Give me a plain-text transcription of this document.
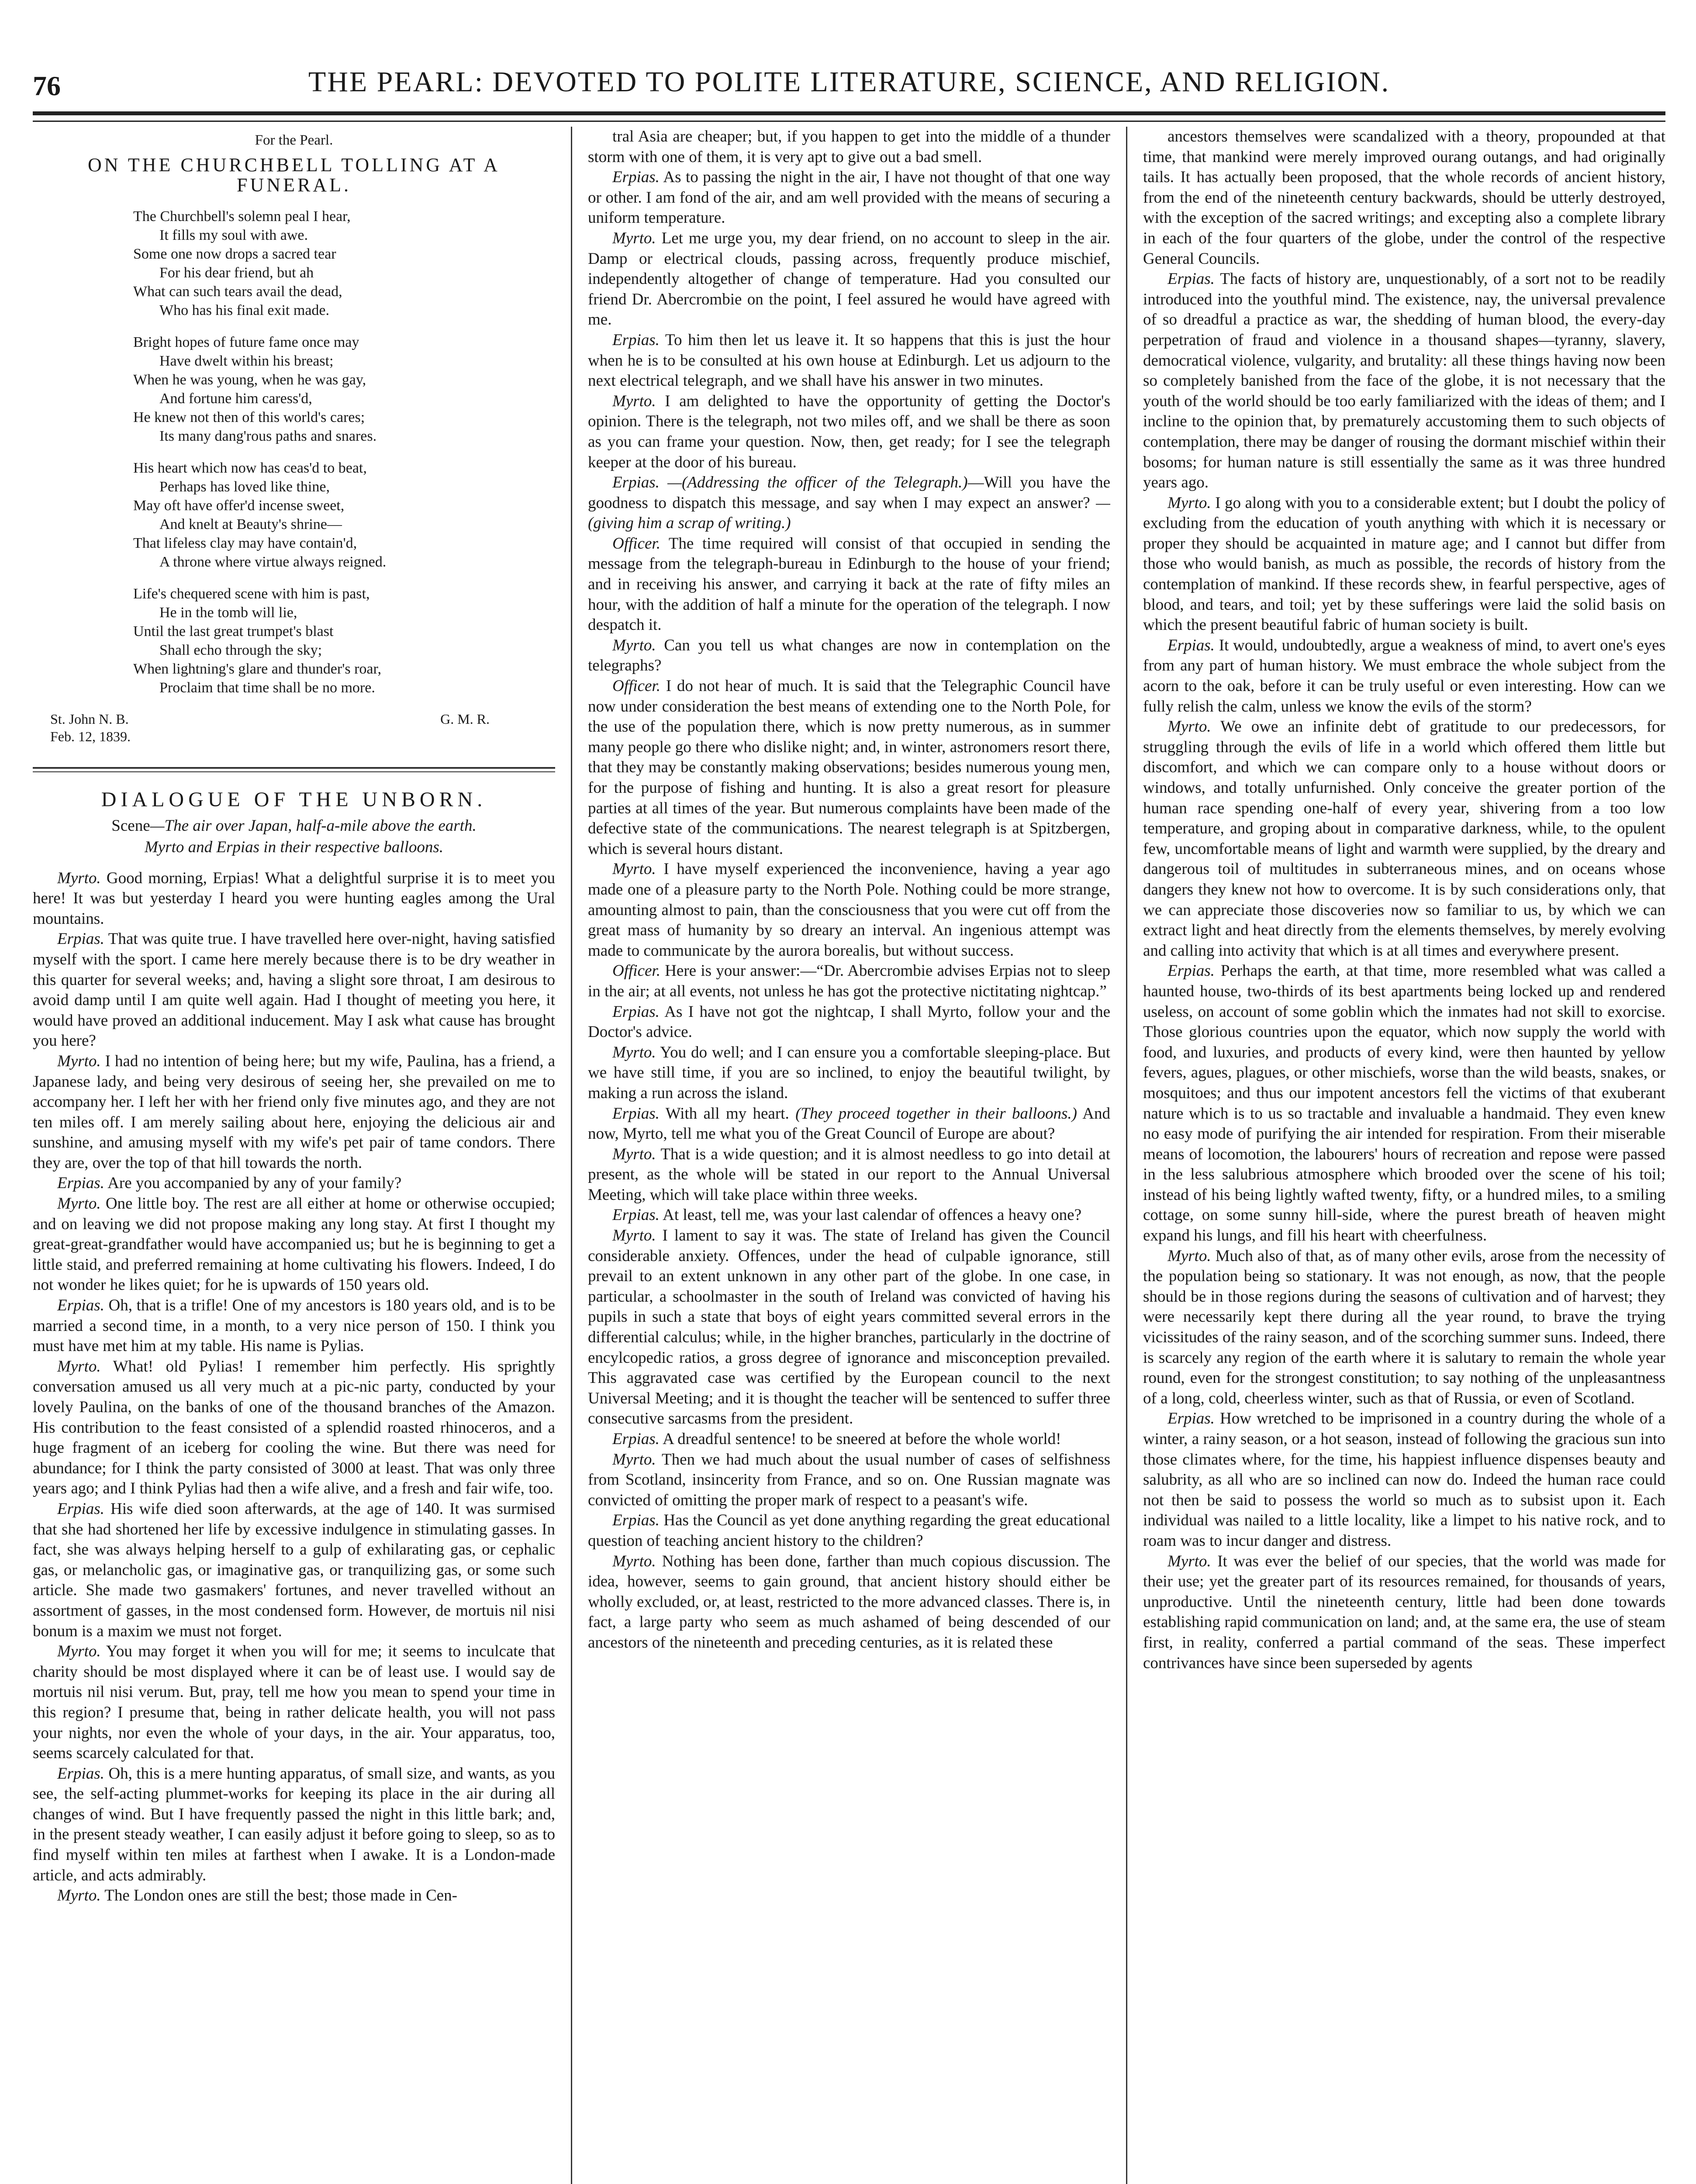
76	THE PEARL: DEVOTED TO POLITE LITERATURE, SCIENCE, AND RELIGION.
For the Pearl.
ON THE CHURCHBELL TOLLING AT A FUNERAL.
The Churchbell's solemn peal I hear,
It fills my soul with awe.
Some one now drops a sacred tear
For his dear friend, but ah
What can such tears avail the dead,
Who has his final exit made.
Bright hopes of future fame once may
Have dwelt within his breast;
When he was young, when he was gay,
And fortune him caress'd,
He knew not then of this world's cares;
Its many dang'rous paths and snares.
His heart which now has ceas'd to beat,
Perhaps has loved like thine,
May oft have offer'd incense sweet,
And knelt at Beauty's shrine—
That lifeless clay may have contain'd,
A throne where virtue always reigned.
Life's chequered scene with him is past,
He in the tomb will lie,
Until the last great trumpet's blast
Shall echo through the sky;
When lightning's glare and thunder's roar,
Proclaim that time shall be no more.
St. John N. B.
Feb. 12, 1839.
G. M. R.
DIALOGUE OF THE UNBORN.

Scene—The air over Japan, half-a-mile above the earth.

Myrto and Erpias in their respective balloons.

Myrto. Good morning, Erpias! What a delightful surprise it is to meet you here! It was but yesterday I heard you were hunting eagles among the Ural mountains.

Erpias. That was quite true. I have travelled here over-night, having satisfied myself with the sport. I came here merely because there is to be dry weather in this quarter for several weeks; and, having a slight sore throat, I am desirous to avoid damp until I am quite well again. Had I thought of meeting you here, it would have proved an additional inducement. May I ask what cause has brought you here?

Myrto. I had no intention of being here; but my wife, Paulina, has a friend, a Japanese lady, and being very desirous of seeing her, she prevailed on me to accompany her. I left her with her friend only five minutes ago, and they are not ten miles off. I am merely sailing about here, enjoying the delicious air and sunshine, and amusing myself with my wife's pet pair of tame condors. There they are, over the top of that hill towards the north.

Erpias. Are you accompanied by any of your family?

Myrto. One little boy. The rest are all either at home or otherwise occupied; and on leaving we did not propose making any long stay. At first I thought my great-great-grandfather would have accompanied us; but he is beginning to get a little staid, and preferred remaining at home cultivating his flowers. Indeed, I do not wonder he likes quiet; for he is upwards of 150 years old.

Erpias. Oh, that is a trifle! One of my ancestors is 180 years old, and is to be married a second time, in a month, to a very nice person of 150. I think you must have met him at my table. His name is Pylias.

Myrto. What! old Pylias! I remember him perfectly. His sprightly conversation amused us all very much at a pic-nic party, conducted by your lovely Paulina, on the banks of one of the thousand branches of the Amazon. His contribution to the feast consisted of a splendid roasted rhinoceros, and a huge fragment of an iceberg for cooling the wine. But there was need for abundance; for I think the party consisted of 3000 at least. That was only three years ago; and I think Pylias had then a wife alive, and a fresh and fair wife, too.

Erpias. His wife died soon afterwards, at the age of 140. It was surmised that she had shortened her life by excessive indulgence in stimulating gasses. In fact, she was always helping herself to a gulp of exhilarating gas, or cephalic gas, or melancholic gas, or imaginative gas, or tranquilizing gas, or some such article. She made two gasmakers' fortunes, and never travelled without an assortment of gasses, in the most condensed form. However, de mortuis nil nisi bonum is a maxim we must not forget.

Myrto. You may forget it when you will for me; it seems to inculcate that charity should be most displayed where it can be of least use. I would say de mortuis nil nisi verum. But, pray, tell me how you mean to spend your time in this region? I presume that, being in rather delicate health, you will not pass your nights, nor even the whole of your days, in the air. Your apparatus, too, seems scarcely calculated for that.

Erpias. Oh, this is a mere hunting apparatus, of small size, and wants, as you see, the self-acting plummet-works for keeping its place in the air during all changes of wind. But I have frequently passed the night in this little bark; and, in the present steady weather, I can easily adjust it before going to sleep, so as to find myself within ten miles at farthest when I awake. It is a London-made article, and acts admirably.

Myrto. The London ones are still the best; those made in Cen-

tral Asia are cheaper; but, if you happen to get into the middle of a thunder storm with one of them, it is very apt to give out a bad smell.

Erpias. As to passing the night in the air, I have not thought of that one way or other. I am fond of the air, and am well provided with the means of securing a uniform temperature.

Myrto. Let me urge you, my dear friend, on no account to sleep in the air. Damp or electrical clouds, passing across, frequently produce mischief, independently altogether of change of temperature. Had you consulted our friend Dr. Abercrombie on the point, I feel assured he would have agreed with me.

Erpias. To him then let us leave it. It so happens that this is just the hour when he is to be consulted at his own house at Edinburgh. Let us adjourn to the next electrical telegraph, and we shall have his answer in two minutes.

Myrto. I am delighted to have the opportunity of getting the Doctor's opinion. There is the telegraph, not two miles off, and we shall be there as soon as you can frame your question. Now, then, get ready; for I see the telegraph keeper at the door of his bureau.

Erpias. —(Addressing the officer of the Telegraph.)—Will you have the goodness to dispatch this message, and say when I may expect an answer? —(giving him a scrap of writing.)

Officer. The time required will consist of that occupied in sending the message from the telegraph-bureau in Edinburgh to the house of your friend; and in receiving his answer, and carrying it back at the rate of fifty miles an hour, with the addition of half a minute for the operation of the telegraph. I now despatch it.

Myrto. Can you tell us what changes are now in contemplation on the telegraphs?

Officer. I do not hear of much. It is said that the Telegraphic Council have now under consideration the best means of extending one to the North Pole, for the use of the population there, which is now pretty numerous, as in summer many people go there who dislike night; and, in winter, astronomers resort there, that they may be constantly making observations; besides numerous young men, for the purpose of fishing and hunting. It is also a great resort for pleasure parties at all times of the year. But numerous complaints have been made of the defective state of the communications. The nearest telegraph is at Spitzbergen, which is several hours distant.

Myrto. I have myself experienced the inconvenience, having a year ago made one of a pleasure party to the North Pole. Nothing could be more strange, amounting almost to pain, than the consciousness that you were cut off from the great mass of humanity by so dreary an interval. An ingenious attempt was made to communicate by the aurora borealis, but without success.

Officer. Here is your answer:—“Dr. Abercrombie advises Erpias not to sleep in the air; at all events, not unless he has got the protective nictitating nightcap.”

Erpias. As I have not got the nightcap, I shall Myrto, follow your and the Doctor's advice.

Myrto. You do well; and I can ensure you a comfortable sleeping-place. But we have still time, if you are so inclined, to enjoy the beautiful twilight, by making a run across the island.

Erpias. With all my heart. (They proceed together in their balloons.) And now, Myrto, tell me what you of the Great Council of Europe are about?

Myrto. That is a wide question; and it is almost needless to go into detail at present, as the whole will be stated in our report to the Annual Universal Meeting, which will take place within three weeks.

Erpias. At least, tell me, was your last calendar of offences a heavy one?

Myrto. I lament to say it was. The state of Ireland has given the Council considerable anxiety. Offences, under the head of culpable ignorance, still prevail to an extent unknown in any other part of the globe. In one case, in particular, a schoolmaster in the south of Ireland was convicted of having his pupils in such a state that boys of eight years committed several errors in the differential calculus; while, in the higher branches, particularly in the doctrine of encylcopedic ratios, a gross degree of ignorance and misconception prevailed. This aggravated case was certified by the European council to the next Universal Meeting; and it is thought the teacher will be sentenced to suffer three consecutive sarcasms from the president.

Erpias. A dreadful sentence! to be sneered at before the whole world!

Myrto. Then we had much about the usual number of cases of selfishness from Scotland, insincerity from France, and so on. One Russian magnate was convicted of omitting the proper mark of respect to a peasant's wife.

Erpias. Has the Council as yet done anything regarding the great educational question of teaching ancient history to the children?

Myrto. Nothing has been done, farther than much copious discussion. The idea, however, seems to gain ground, that ancient history should either be wholly excluded, or, at least, restricted to the more advanced classes. There is, in fact, a large party who seem as much ashamed of being descended of our ancestors of the nineteenth and preceding centuries, as it is related these

ancestors themselves were scandalized with a theory, propounded at that time, that mankind were merely improved ourang outangs, and had originally tails. It has actually been proposed, that the whole records of ancient history, from the end of the nineteenth century backwards, should be utterly destroyed, with the exception of the sacred writings; and excepting also a complete library in each of the four quarters of the globe, under the control of the respective General Councils.

Erpias. The facts of history are, unquestionably, of a sort not to be readily introduced into the youthful mind. The existence, nay, the universal prevalence of so dreadful a practice as war, the shedding of human blood, the every-day perpetration of fraud and violence in a thousand shapes—tyranny, slavery, democratical violence, vulgarity, and brutality: all these things having now been so completely banished from the face of the globe, it is not necessary that the youth of the world should be too early familiarized with the ideas of them; and I incline to the opinion that, by prematurely accustoming them to such objects of contemplation, there may be danger of rousing the dormant mischief within their bosoms; for human nature is still essentially the same as it was three hundred years ago.

Myrto. I go along with you to a considerable extent; but I doubt the policy of excluding from the education of youth anything with which it is necessary or proper they should be acquainted in mature age; and I cannot but differ from those who would banish, as much as possible, the records of history from the contemplation of mankind. If these records shew, in fearful perspective, ages of blood, and tears, and toil; yet by these sufferings were laid the solid basis on which the present beautiful fabric of human society is built.

Erpias. It would, undoubtedly, argue a weakness of mind, to avert one's eyes from any part of human history. We must embrace the whole subject from the acorn to the oak, before it can be truly useful or even interesting. How can we fully relish the calm, unless we know the evils of the storm?

Myrto. We owe an infinite debt of gratitude to our predecessors, for struggling through the evils of life in a world which offered them little but discomfort, and which we can compare only to a house without doors or windows, and totally unfurnished. Only conceive the greater portion of the human race spending one-half of every year, shivering from a too low temperature, and groping about in comparative darkness, while, to the opulent few, uncomfortable means of light and warmth were supplied, by the dreary and dangerous toil of multitudes in subterraneous mines, and on oceans whose dangers they knew not how to overcome. It is by such considerations only, that we can appreciate those discoveries now so familiar to us, by which we can extract light and heat directly from the elements themselves, by merely evolving and calling into activity that which is at all times and everywhere present.

Erpias. Perhaps the earth, at that time, more resembled what was called a haunted house, two-thirds of its best apartments being locked up and rendered useless, on account of some goblin which the inmates had not skill to exorcise. Those glorious countries upon the equator, which now supply the world with food, and luxuries, and products of every kind, were then haunted by yellow fevers, agues, plagues, or other mischiefs, worse than the wild beasts, snakes, or mosquitoes; and thus our impotent ancestors fell the victims of that exuberant nature which is to us so tractable and invaluable a handmaid. They even knew no easy mode of purifying the air intended for respiration. From their miserable means of locomotion, the labourers' hours of recreation and repose were passed in the less salubrious atmosphere which brooded over the scene of his toil; instead of his being lightly wafted twenty, fifty, or a hundred miles, to a smiling cottage, on some sunny hill-side, where the purest breath of heaven might expand his lungs, and fill his heart with cheerfulness.

Myrto. Much also of that, as of many other evils, arose from the necessity of the population being so stationary. It was not enough, as now, that the people should be in those regions during the seasons of cultivation and of harvest; they were necessarily kept there during all the year round, to brave the trying vicissitudes of the rainy season, and of the scorching summer suns. Indeed, there is scarcely any region of the earth where it is salutary to remain the whole year round, even for the strongest constitution; to say nothing of the unpleasantness of a long, cold, cheerless winter, such as that of Russia, or even of Scotland.

Erpias. How wretched to be imprisoned in a country during the whole of a winter, a rainy season, or a hot season, instead of following the gracious sun into those climates where, for the time, his happiest influence dispenses beauty and salubrity, as all who are so inclined can now do. Indeed the human race could not then be said to possess the world so much as to subsist upon it. Each individual was nailed to a little locality, like a limpet to his native rock, and to roam was to incur danger and distress.

Myrto. It was ever the belief of our species, that the world was made for their use; yet the greater part of its resources remained, for thousands of years, unproductive. Until the nineteenth century, little had been done towards establishing rapid communication on land; and, at the same era, the use of steam first, in reality, conferred a partial command of the seas. These imperfect contrivances have since been superseded by agents
